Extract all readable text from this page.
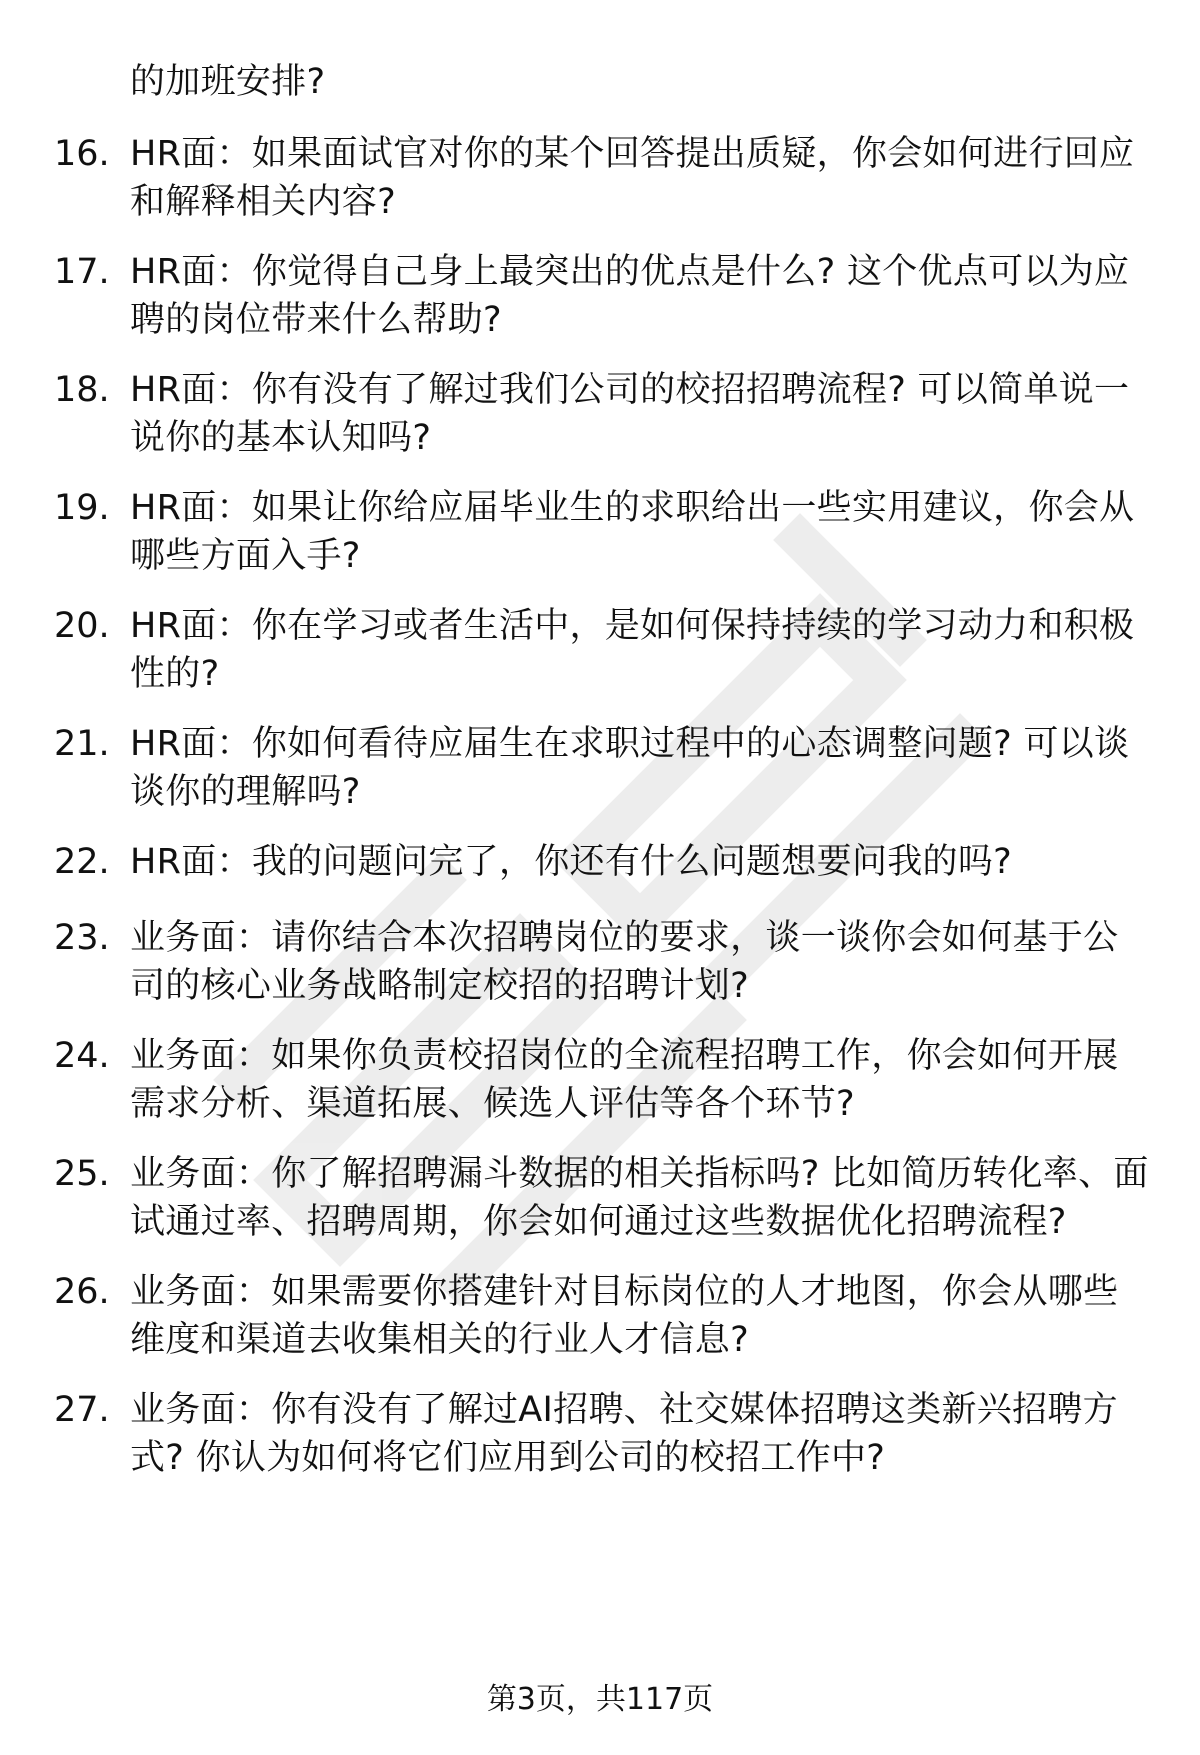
的加班安排?
16. HR面：如果面试官对你的某个回答提出质疑，你会如何进行回应和解释相关内容?
17. HR面：你觉得自己身上最突出的优点是什么? 这个优点可以为应聘的岗位带来什么帮助?
18. HR面：你有没有了解过我们公司的校招招聘流程? 可以简单说一说你的基本认知吗?
19. HR面：如果让你给应届毕业生的求职给出一些实用建议，你会从哪些方面入手?
20. HR面：你在学习或者生活中，是如何保持持续的学习动力和积极性的?
21. HR面：你如何看待应届生在求职过程中的心态调整问题? 可以谈谈你的理解吗?
22. HR面：我的问题问完了，你还有什么问题想要问我的吗?
23. 业务面：请你结合本次招聘岗位的要求，谈一谈你会如何基于公司的核心业务战略制定校招的招聘计划?
24. 业务面：如果你负责校招岗位的全流程招聘工作，你会如何开展需求分析、渠道拓展、候选人评估等各个环节?
25. 业务面：你了解招聘漏斗数据的相关指标吗? 比如简历转化率、面试通过率、招聘周期，你会如何通过这些数据优化招聘流程?
26. 业务面：如果需要你搭建针对目标岗位的人才地图，你会从哪些维度和渠道去收集相关的行业人才信息?
27. 业务面：你有没有了解过AI招聘、社交媒体招聘这类新兴招聘方式? 你认为如何将它们应用到公司的校招工作中?
第3页，共117页
